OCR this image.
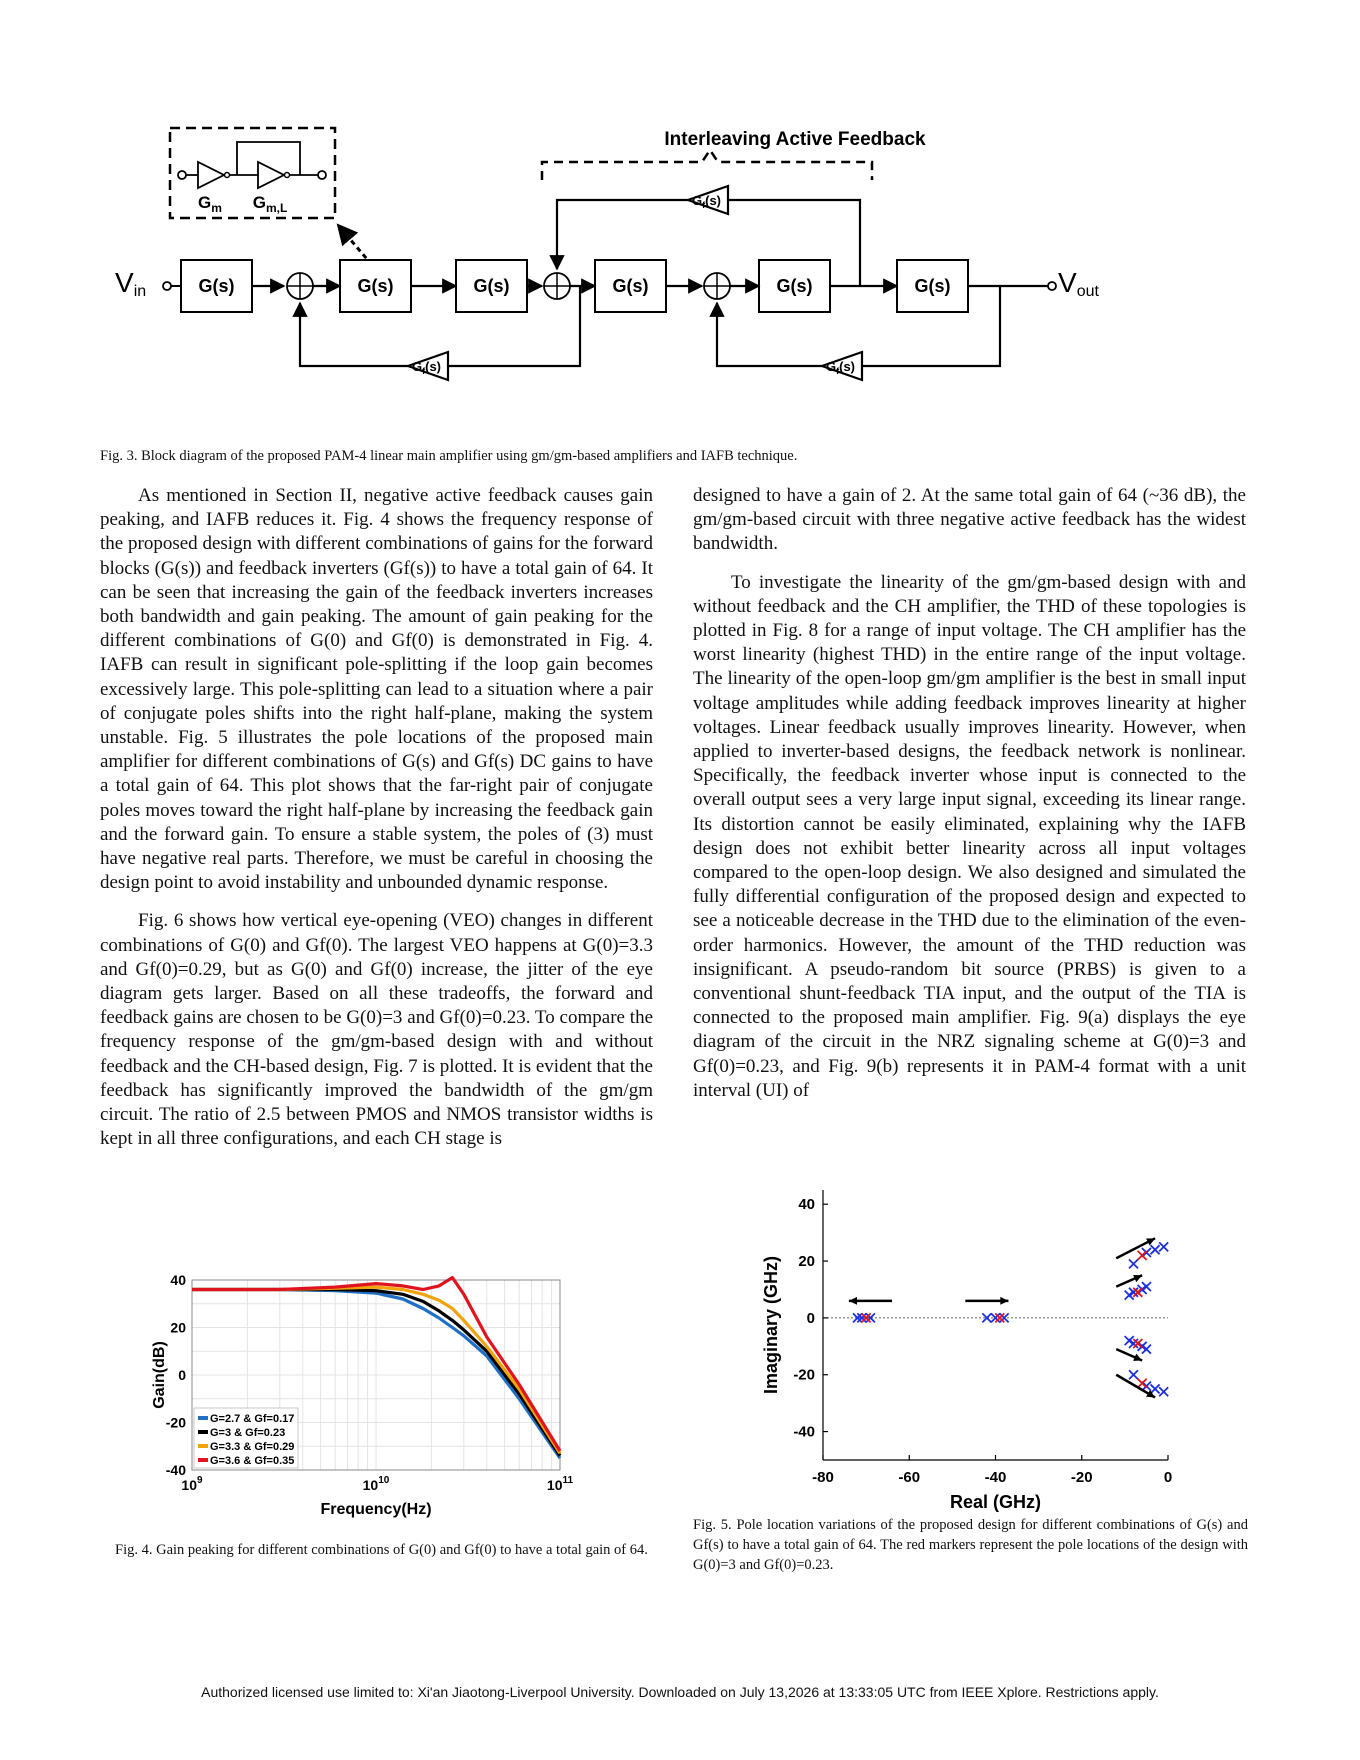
Interleaving Active Feedback
$G_m$ $G_{m,L}$
Vin	G(s)	G(s)	G(s)	G(s)	G(s)	G(s)	Vout
$G_f(s)$
$G_f(s)$	$G_f(s)$
Fig. 3. Block diagram of the proposed PAM-4 linear main amplifier using gm/gm-based amplifiers and IAFB technique.

As mentioned in Section II, negative active feedback causes gain peaking, and IAFB reduces it. Fig. 4 shows the frequency response of the proposed design with different combinations of gains for the forward blocks (G(s)) and feedback inverters (Gf(s)) to have a total gain of 64. It can be seen that increasing the gain of the feedback inverters increases both bandwidth and gain peaking. The amount of gain peaking for the different combinations of G(0) and Gf(0) is demonstrated in Fig. 4. IAFB can result in significant pole-splitting if the loop gain becomes excessively large. This pole-splitting can lead to a situation where a pair of conjugate poles shifts into the right half-plane, making the system unstable. Fig. 5 illustrates the pole locations of the proposed main amplifier for different combinations of G(s) and Gf(s) DC gains to have a total gain of 64. This plot shows that the far-right pair of conjugate poles moves toward the right half-plane by increasing the feedback gain and the forward gain. To ensure a stable system, the poles of (3) must have negative real parts. Therefore, we must be careful in choosing the design point to avoid instability and unbounded dynamic response.

Fig. 6 shows how vertical eye-opening (VEO) changes in different combinations of G(0) and Gf(0). The largest VEO happens at G(0)=3.3 and Gf(0)=0.29, but as G(0) and Gf(0) increase, the jitter of the eye diagram gets larger. Based on all these tradeoffs, the forward and feedback gains are chosen to be G(0)=3 and Gf(0)=0.23. To compare the frequency response of the gm/gm-based design with and without feedback and the CH-based design, Fig. 7 is plotted. It is evident that the feedback has significantly improved the bandwidth of the gm/gm circuit. The ratio of 2.5 between PMOS and NMOS transistor widths is kept in all three configurations, and each CH stage is

designed to have a gain of 2. At the same total gain of 64 (~36 dB), the gm/gm-based circuit with three negative active feedback has the widest bandwidth.

To investigate the linearity of the gm/gm-based design with and without feedback and the CH amplifier, the THD of these topologies is plotted in Fig. 8 for a range of input voltage. The CH amplifier has the worst linearity (highest THD) in the entire range of the input voltage. The linearity of the open-loop gm/gm amplifier is the best in small input voltage amplitudes while adding feedback improves linearity at higher voltages. Linear feedback usually improves linearity. However, when applied to inverter-based designs, the feedback network is nonlinear. Specifically, the feedback inverter whose input is connected to the overall output sees a very large input signal, exceeding its linear range. Its distortion cannot be easily eliminated, explaining why the IAFB design does not exhibit better linearity across all input voltages compared to the open-loop design. We also designed and simulated the fully differential configuration of the proposed design and expected to see a noticeable decrease in the THD due to the elimination of the even-order harmonics. However, the amount of the THD reduction was insignificant. A pseudo-random bit source (PRBS) is given to a conventional shunt-feedback TIA input, and the output of the TIA is connected to the proposed main amplifier. Fig. 9(a) displays the eye diagram of the circuit in the NRZ signaling scheme at G(0)=3 and Gf(0)=0.23, and Fig. 9(b) represents it in PAM-4 format with a unit interval (UI) of

40
20
0
-20
-40
$10^9$	$10^{10}$	$10^{11}$
Frequency(Hz)
Gain(dB)
G=2.7 & Gf=0.17
G=3 & Gf=0.23
G=3.3 & Gf=0.29
G=3.6 & Gf=0.35
Fig. 4. Gain peaking for different combinations of G(0) and Gf(0) to have a total gain of 64.
40
20
0
-20
-40
-80	-60	-40	-20	0
Real (GHz)
Imaginary (GHz)
Fig. 5. Pole location variations of the proposed design for different combinations of G(s) and Gf(s) to have a total gain of 64. The red markers represent the pole locations of the design with G(0)=3 and Gf(0)=0.23.
Authorized licensed use limited to: Xi'an Jiaotong-Liverpool University. Downloaded on July 13,2026 at 13:33:05 UTC from IEEE Xplore. Restrictions apply.
